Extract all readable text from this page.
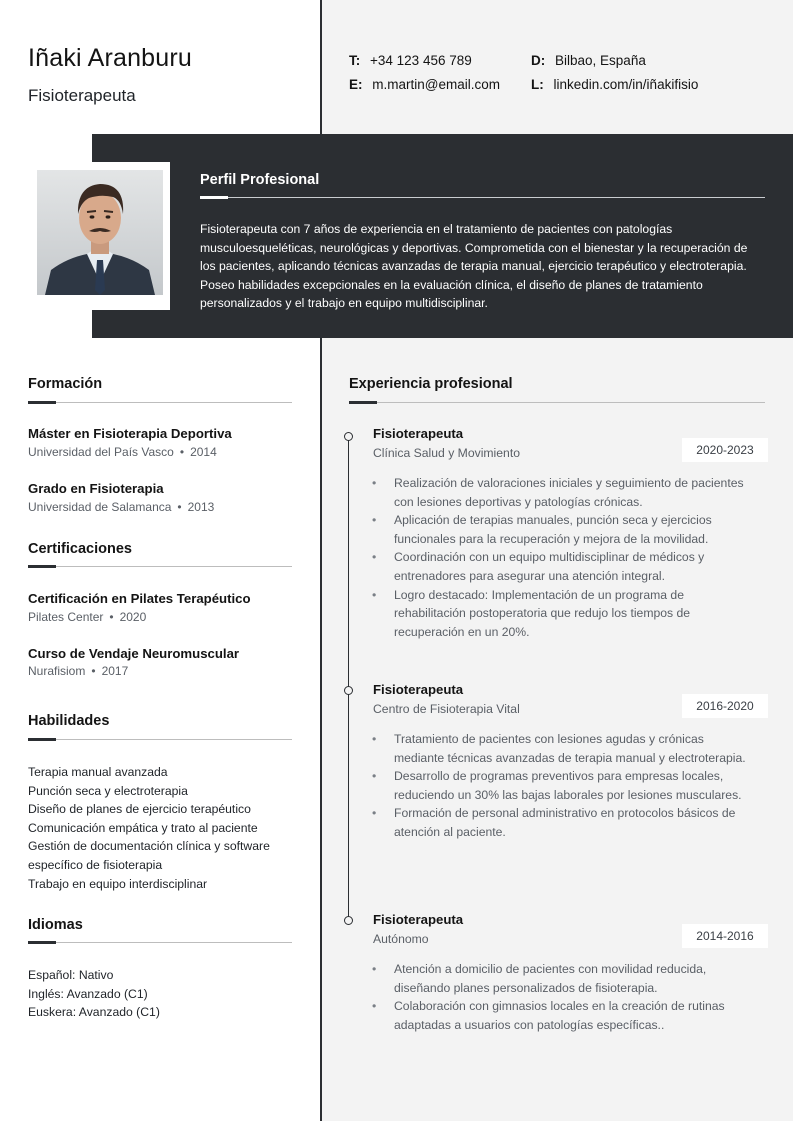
Iñaki Aranburu

Fisioterapeuta

T: +34 123 456 789
E: m.martin@email.com
D: Bilbao, España
L: linkedin.com/in/iñakifisio
Perfil Profesional
Fisioterapeuta con 7 años de experiencia en el tratamiento de pacientes con patologías musculoesqueléticas, neurológicas y deportivas. Comprometida con el bienestar y la recuperación de los pacientes, aplicando técnicas avanzadas de terapia manual, ejercicio terapéutico y electroterapia. Poseo habilidades excepcionales en la evaluación clínica, el diseño de planes de tratamiento personalizados y el trabajo en equipo multidisciplinar.
Formación
Máster en Fisioterapia Deportiva
Universidad del País Vasco • 2014
Grado en Fisioterapia
Universidad de Salamanca • 2013
Certificaciones
Certificación en Pilates Terapéutico
Pilates Center • 2020
Curso de Vendaje Neuromuscular
Nurafisiom • 2017
Habilidades
Terapia manual avanzada
Punción seca y electroterapia
Diseño de planes de ejercicio terapéutico
Comunicación empática y trato al paciente
Gestión de documentación clínica y software
específico de fisioterapia
Trabajo en equipo interdisciplinar
Idiomas
Español: Nativo
Inglés: Avanzado (C1)
Euskera: Avanzado (C1)
Experiencia profesional
Fisioterapeuta
Clínica Salud y Movimiento	2020-2023
• Realización de valoraciones iniciales y seguimiento de pacientes con lesiones deportivas y patologías crónicas.
• Aplicación de terapias manuales, punción seca y ejercicios funcionales para la recuperación y mejora de la movilidad.
• Coordinación con un equipo multidisciplinar de médicos y entrenadores para asegurar una atención integral.
• Logro destacado: Implementación de un programa de rehabilitación postoperatoria que redujo los tiempos de recuperación en un 20%.
Fisioterapeuta
Centro de Fisioterapia Vital	2016-2020
• Tratamiento de pacientes con lesiones agudas y crónicas mediante técnicas avanzadas de terapia manual y electroterapia.
• Desarrollo de programas preventivos para empresas locales, reduciendo un 30% las bajas laborales por lesiones musculares.
• Formación de personal administrativo en protocolos básicos de atención al paciente.
Fisioterapeuta
Autónomo	2014-2016
• Atención a domicilio de pacientes con movilidad reducida, diseñando planes personalizados de fisioterapia.
• Colaboración con gimnasios locales en la creación de rutinas adaptadas a usuarios con patologías específicas..
